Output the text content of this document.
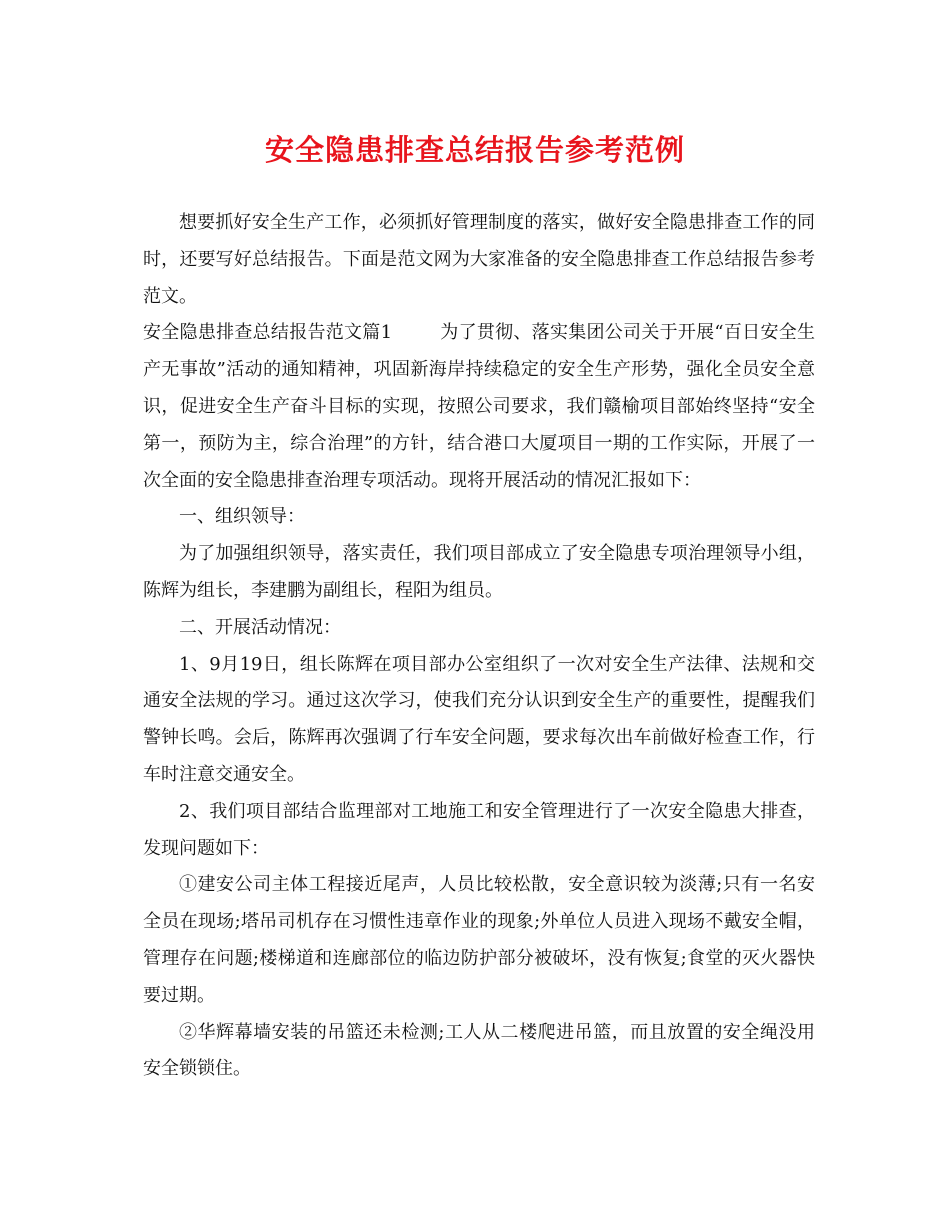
安全隐患排查总结报告参考范例

想要抓好安全生产工作，必须抓好管理制度的落实，做好安全隐患排查工作的同时，还要写好总结报告。下面是范文网为大家准备的安全隐患排查工作总结报告参考范文。

安全隐患排查总结报告范文篇1	为了贯彻、落实集团公司关于开展“百日安全生产无事故”活动的通知精神，巩固新海岸持续稳定的安全生产形势，强化全员安全意识，促进安全生产奋斗目标的实现，按照公司要求，我们赣榆项目部始终坚持“安全第一，预防为主，综合治理”的方针，结合港口大厦项目一期的工作实际，开展了一次全面的安全隐患排查治理专项活动。现将开展活动的情况汇报如下：

一、组织领导：

为了加强组织领导，落实责任，我们项目部成立了安全隐患专项治理领导小组，陈辉为组长，李建鹏为副组长，程阳为组员。

二、开展活动情况：

1、9月19日，组长陈辉在项目部办公室组织了一次对安全生产法律、法规和交通安全法规的学习。通过这次学习，使我们充分认识到安全生产的重要性，提醒我们警钟长鸣。会后，陈辉再次强调了行车安全问题，要求每次出车前做好检查工作，行车时注意交通安全。

2、我们项目部结合监理部对工地施工和安全管理进行了一次安全隐患大排查，发现问题如下：

①建安公司主体工程接近尾声，人员比较松散，安全意识较为淡薄;只有一名安全员在现场;塔吊司机存在习惯性违章作业的现象;外单位人员进入现场不戴安全帽，管理存在问题;楼梯道和连廊部位的临边防护部分被破坏，没有恢复;食堂的灭火器快要过期。

②华辉幕墙安装的吊篮还未检测;工人从二楼爬进吊篮，而且放置的安全绳没用安全锁锁住。
